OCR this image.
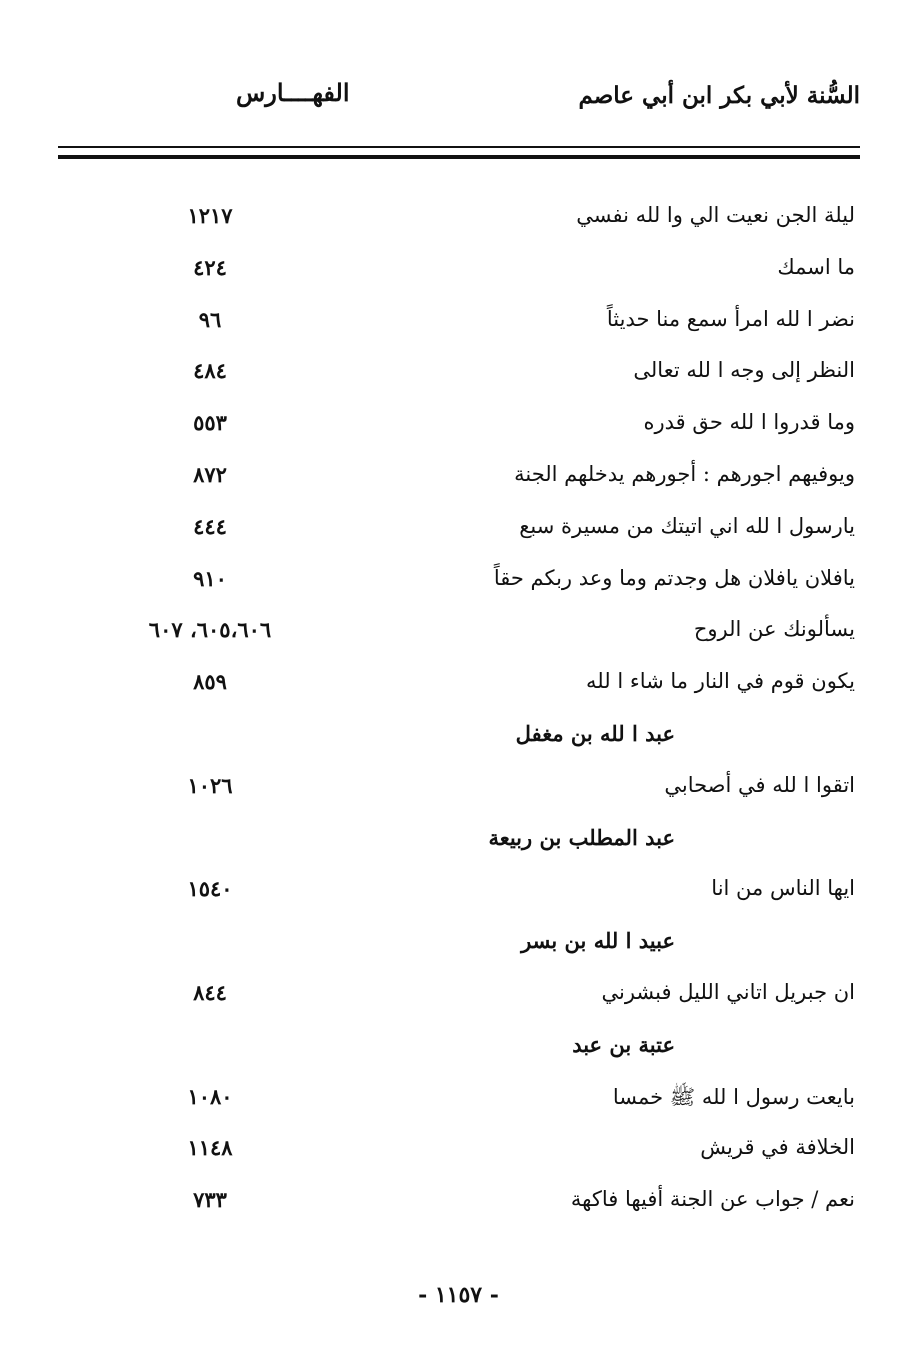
الفهــــارس	السُّنة لأبي بكر ابن أبي عاصم
ليلة الجن نعيت الي وا لله نفسي
١٢١٧
ما اسمك
٤٢٤
نضر ا لله امرأ سمع منا حديثاً
٩٦
النظر إلى وجه ا لله تعالى
٤٨٤
وما قدروا ا لله حق قدره
٥٥٣
ويوفيهم اجورهم : أجورهم يدخلهم الجنة
٨٧٢
يارسول ا لله اني اتيتك من مسيرة سبع
٤٤٤
يافلان يافلان هل وجدتم وما وعد ربكم حقاً
٩١٠
يسألونك عن الروح
٦٠٥،٦٠٦، ٦٠٧
يكون قوم في النار ما شاء ا لله
٨٥٩
عبد ا لله بن مغفل
اتقوا ا لله في أصحابي
١٠٢٦
عبد المطلب بن ربيعة
ايها الناس من انا
١٥٤٠
عبيد ا لله بن بسر
ان جبريل اتاني الليل فبشرني
٨٤٤
عتبة بن عبد
بايعت رسول ا لله ﷺ خمسا
١٠٨٠
الخلافة في قريش
١١٤٨
نعم / جواب عن الجنة أفيها فاكهة
٧٣٣
- ١١٥٧ -
